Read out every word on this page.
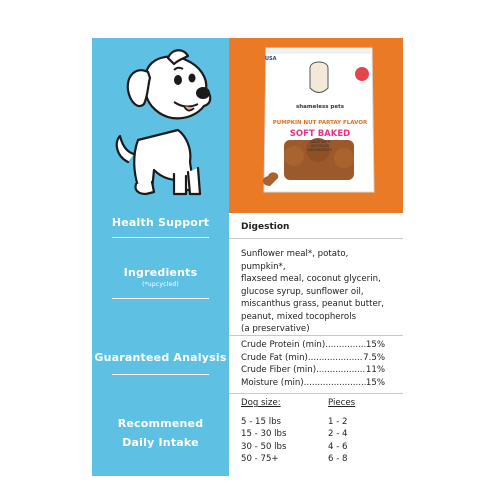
USA
shameless pets
PUMPKIN NUT PARTAY FLAVOR
SOFT BAKED
MADE WITH UPCYCLED INGREDIENTS
Health Support
Ingredients
(*upcycled)
Guaranteed Analysis
Recommened
Daily Intake
Digestion
Sunflower meal*, potato, pumpkin*,
flaxseed meal, coconut glycerin,
glucose syrup, sunflower oil,
miscanthus grass, peanut butter,
peanut, mixed tocopherols
(a preservative)
Crude Protein (min) .....	15%
Crude Fat (min) .....	7.5%
Crude Fiber (min) .....	11%
Moisture (min) .....	15%
Dog size:	Pieces
5 - 15 lbs	1 - 2
15 - 30 lbs	2 - 4
30 - 50 lbs	4 - 6
50 - 75+	6 - 8
